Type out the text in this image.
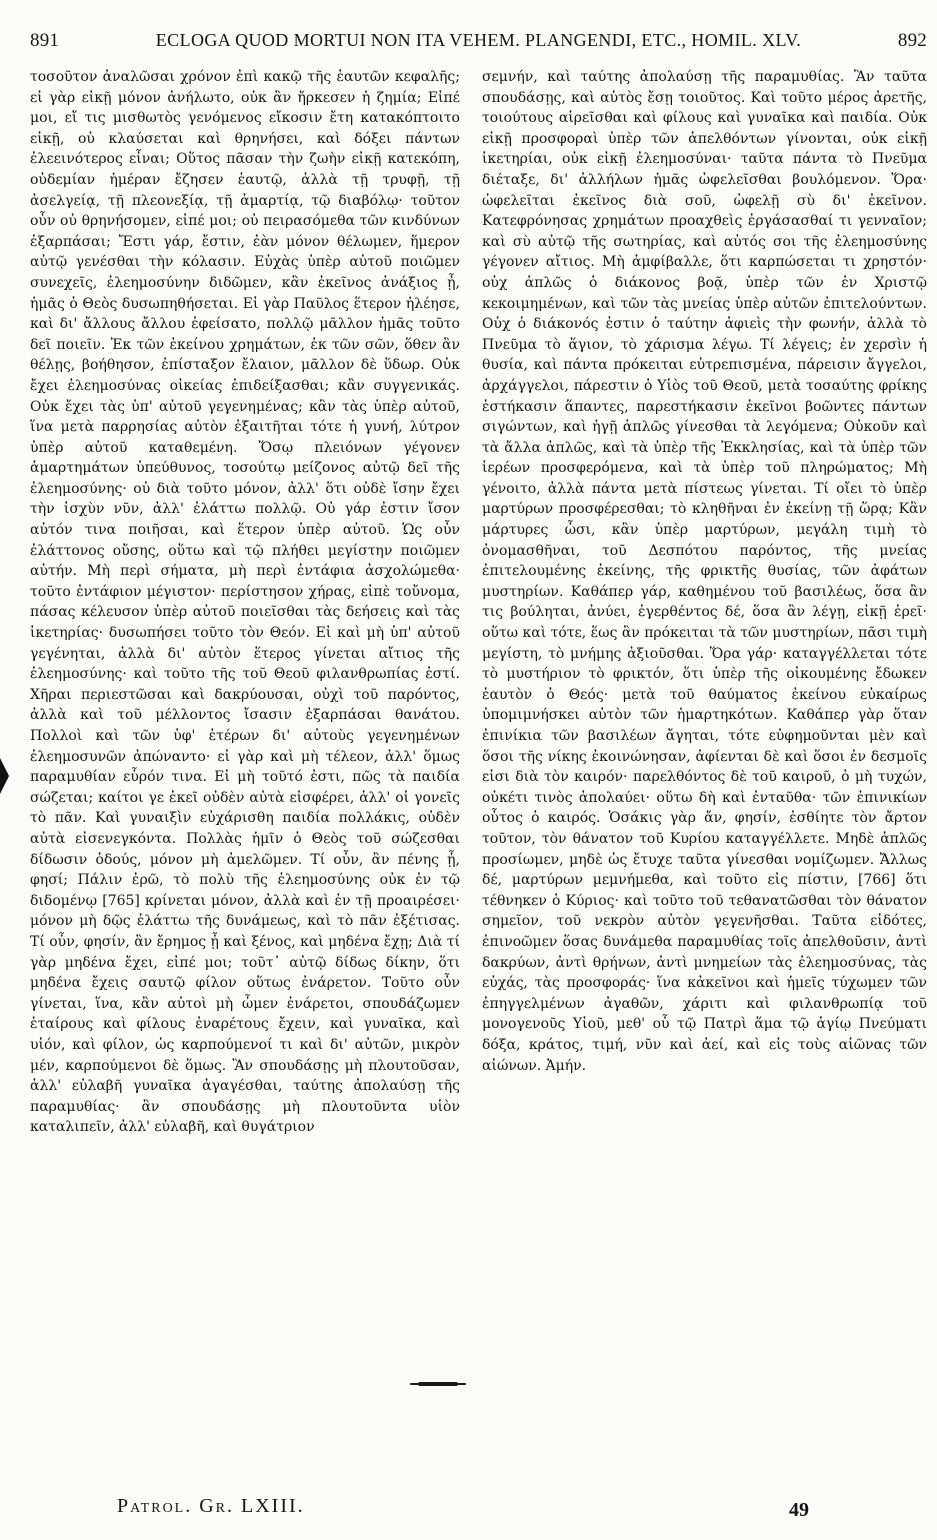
891	ECLOGA QUOD MORTUI NON ITA VEHEM. PLANGENDI, ETC., HOMIL. XLV.	892

τοσοῦτον ἀναλῶσαι χρόνον ἐπὶ κακῷ τῆς ἑαυτῶν κεφαλῆς; εἰ γὰρ εἰκῇ μόνον ἀνήλωτο, οὐκ ἂν ἤρκεσεν ἡ ζημία; Εἰπέ μοι, εἴ τις μισθωτὸς γενόμενος εἴκοσιν ἔτη κατακόπτοιτο εἰκῇ, οὐ κλαύσεται καὶ θρηνήσει, καὶ δόξει πάντων ἐλεεινότερος εἶναι; Οὕτος πᾶσαν τὴν ζωὴν εἰκῇ κατεκόπη, οὐδεμίαν ἡμέραν ἔζησεν ἑαυτῷ, ἀλλὰ τῇ τρυφῇ, τῇ ἀσελγείᾳ, τῇ πλεονεξίᾳ, τῇ ἁμαρτίᾳ, τῷ διαβόλῳ· τοῦτον οὖν οὐ θρηνήσομεν, εἰπέ μοι; οὐ πειρασόμεθα τῶν κινδύνων ἐξαρπάσαι; Ἔστι γάρ, ἔστιν, ἐὰν μόνον θέλωμεν, ἥμερον αὐτῷ γενέσθαι τὴν κόλασιν. Εὐχὰς ὑπὲρ αὐτοῦ ποιῶμεν συνεχεῖς, ἐλεημοσύνην διδῶμεν, κἂν ἐκεῖνος ἀνάξιος ᾖ, ἡμᾶς ὁ Θεὸς δυσωπηθήσεται. Εἰ γὰρ Παῦλος ἕτερον ἠλέησε, καὶ δι' ἄλλους ἄλλου ἐφείσατο, πολλῷ μᾶλλον ἡμᾶς τοῦτο δεῖ ποιεῖν. Ἐκ τῶν ἐκείνου χρημάτων, ἐκ τῶν σῶν, ὅθεν ἂν θέλῃς, βοήθησον, ἐπίσταξον ἔλαιον, μᾶλλον δὲ ὕδωρ. Οὐκ ἔχει ἐλεημοσύνας οἰκείας ἐπιδείξασθαι; κἂν συγγενικάς. Οὐκ ἔχει τὰς ὑπ' αὐτοῦ γεγενημένας; κἂν τὰς ὑπὲρ αὐτοῦ, ἵνα μετὰ παρρησίας αὐτὸν ἐξαιτῆται τότε ἡ γυνή, λύτρον ὑπὲρ αὐτοῦ καταθεμένη. Ὅσῳ πλειόνων γέγονεν ἁμαρτημάτων ὑπεύθυνος, τοσούτῳ μείζονος αὐτῷ δεῖ τῆς ἐλεημοσύνης· οὐ διὰ τοῦτο μόνον, ἀλλ' ὅτι οὐδὲ ἴσην ἔχει τὴν ἰσχὺν νῦν, ἀλλ' ἐλάττω πολλῷ. Οὐ γάρ ἐστιν ἴσον αὐτόν τινα ποιῆσαι, καὶ ἕτερον ὑπὲρ αὐτοῦ. Ὡς οὖν ἐλάττονος οὔσης, οὕτω καὶ τῷ πλήθει μεγίστην ποιῶμεν αὐτήν. Μὴ περὶ σήματα, μὴ περὶ ἐντάφια ἀσχολώμεθα· τοῦτο ἐντάφιον μέγιστον· περίστησον χήρας, εἰπὲ τοὔνομα, πάσας κέλευσον ὑπὲρ αὐτοῦ ποιεῖσθαι τὰς δεήσεις καὶ τὰς ἱκετηρίας· δυσωπήσει τοῦτο τὸν Θεόν. Εἰ καὶ μὴ ὑπ' αὐτοῦ γεγένηται, ἀλλὰ δι' αὐτὸν ἕτερος γίνεται αἴτιος τῆς ἐλεημοσύνης· καὶ τοῦτο τῆς τοῦ Θεοῦ φιλανθρωπίας ἐστί. Χῆραι περιεστῶσαι καὶ δακρύουσαι, οὐχὶ τοῦ παρόντος, ἀλλὰ καὶ τοῦ μέλλοντος ἴσασιν ἐξαρπάσαι θανάτου. Πολλοὶ καὶ τῶν ὑφ' ἑτέρων δι' αὐτοὺς γεγενημένων ἐλεημοσυνῶν ἀπώναντο· εἰ γὰρ καὶ μὴ τέλεον, ἀλλ' ὅμως παραμυθίαν εὗρόν τινα. Εἰ μὴ τοῦτό ἐστι, πῶς τὰ παιδία σώζεται; καίτοι γε ἐκεῖ οὐδὲν αὐτὰ εἰσφέρει, ἀλλ' οἱ γονεῖς τὸ πᾶν. Καὶ γυναιξὶν εὐχάρισθη παιδία πολλάκις, οὐδὲν αὐτὰ εἰσενεγκόντα. Πολλὰς ἡμῖν ὁ Θεὸς τοῦ σώζεσθαι δίδωσιν ὁδούς, μόνον μὴ ἀμελῶμεν. Τί οὖν, ἂν πένης ᾖ, φησί; Πάλιν ἐρῶ, τὸ πολὺ τῆς ἐλεημοσύνης οὐκ ἐν τῷ διδομένῳ [765] κρίνεται μόνον, ἀλλὰ καὶ ἐν τῇ προαιρέσει· μόνον μὴ δῷς ἐλάττω τῆς δυνάμεως, καὶ τὸ πᾶν ἐξέτισας. Τί οὖν, φησίν, ἂν ἔρημος ᾖ καὶ ξένος, καὶ μηδένα ἔχῃ; Διὰ τί γὰρ μηδένα ἔχει, εἰπέ μοι; τοῦτ᾽ αὐτῷ δίδως δίκην, ὅτι μηδένα ἔχεις σαυτῷ φίλον οὕτως ἐνάρετον. Τοῦτο οὖν γίνεται, ἵνα, κἂν αὐτοὶ μὴ ὦμεν ἐνάρετοι, σπουδάζωμεν ἑταίρους καὶ φίλους ἐναρέτους ἔχειν, καὶ γυναῖκα, καὶ υἱόν, καὶ φίλον, ὡς καρπούμενοί τι καὶ δι' αὐτῶν, μικρὸν μέν, καρπούμενοι δὲ ὅμως. Ἂν σπουδάσῃς μὴ πλουτοῦσαν, ἀλλ' εὐλαβῆ γυναῖκα ἀγαγέσθαι, ταύτης ἀπολαύσῃ τῆς παραμυθίας· ἂν σπουδάσῃς μὴ πλουτοῦντα υἱὸν καταλιπεῖν, ἀλλ' εὐλαβῆ, καὶ θυγάτριον

σεμνήν, καὶ ταύτης ἀπολαύσῃ τῆς παραμυθίας. Ἂν ταῦτα σπουδάσῃς, καὶ αὐτὸς ἔσῃ τοιοῦτος. Καὶ τοῦτο μέρος ἀρετῆς, τοιούτους αἱρεῖσθαι καὶ φίλους καὶ γυναῖκα καὶ παιδία. Οὐκ εἰκῇ προσφοραὶ ὑπὲρ τῶν ἀπελθόντων γίνονται, οὐκ εἰκῇ ἱκετηρίαι, οὐκ εἰκῇ ἐλεημοσύναι· ταῦτα πάντα τὸ Πνεῦμα διέταξε, δι' ἀλλήλων ἡμᾶς ὠφελεῖσθαι βουλόμενον. Ὅρα· ὠφελεῖται ἐκεῖνος διὰ σοῦ, ὠφελῇ σὺ δι' ἐκεῖνον. Κατεφρόνησας χρημάτων προαχθεὶς ἐργάσασθαί τι γενναῖον; καὶ σὺ αὐτῷ τῆς σωτηρίας, καὶ αὐτός σοι τῆς ἐλεημοσύνης γέγονεν αἴτιος. Μὴ ἀμφίβαλλε, ὅτι καρπώσεται τι χρηστόν· οὐχ ἁπλῶς ὁ διάκονος βοᾷ, ὑπὲρ τῶν ἐν Χριστῷ κεκοιμημένων, καὶ τῶν τὰς μνείας ὑπὲρ αὐτῶν ἐπιτελούντων. Οὐχ ὁ διάκονός ἐστιν ὁ ταύτην ἀφιεὶς τὴν φωνήν, ἀλλὰ τὸ Πνεῦμα τὸ ἅγιον, τὸ χάρισμα λέγω. Τί λέγεις; ἐν χερσὶν ἡ θυσία, καὶ πάντα πρόκειται εὐτρεπισμένα, πάρεισιν ἄγγελοι, ἀρχάγγελοι, πάρεστιν ὁ Υἱὸς τοῦ Θεοῦ, μετὰ τοσαύτης φρίκης ἑστήκασιν ἅπαντες, παρεστήκασιν ἐκεῖνοι βοῶντες πάντων σιγώντων, καὶ ἡγῇ ἁπλῶς γίνεσθαι τὰ λεγόμενα; Οὐκοῦν καὶ τὰ ἄλλα ἁπλῶς, καὶ τὰ ὑπὲρ τῆς Ἐκκλησίας, καὶ τὰ ὑπὲρ τῶν ἱερέων προσφερόμενα, καὶ τὰ ὑπὲρ τοῦ πληρώματος; Μὴ γένοιτο, ἀλλὰ πάντα μετὰ πίστεως γίνεται. Τί οἴει τὸ ὑπὲρ μαρτύρων προσφέρεσθαι; τὸ κληθῆναι ἐν ἐκείνῃ τῇ ὥρᾳ; Κἂν μάρτυρες ὦσι, κἂν ὑπὲρ μαρτύρων, μεγάλη τιμὴ τὸ ὀνομασθῆναι, τοῦ Δεσπότου παρόντος, τῆς μνείας ἐπιτελουμένης ἐκείνης, τῆς φρικτῆς θυσίας, τῶν ἀφάτων μυστηρίων. Καθάπερ γάρ, καθημένου τοῦ βασιλέως, ὅσα ἂν τις βούληται, ἀνύει, ἐγερθέντος δέ, ὅσα ἂν λέγῃ, εἰκῇ ἐρεῖ· οὕτω καὶ τότε, ἕως ἂν πρόκειται τὰ τῶν μυστηρίων, πᾶσι τιμὴ μεγίστη, τὸ μνήμης ἀξιοῦσθαι. Ὅρα γάρ· καταγγέλλεται τότε τὸ μυστήριον τὸ φρικτόν, ὅτι ὑπὲρ τῆς οἰκουμένης ἔδωκεν ἑαυτὸν ὁ Θεός· μετὰ τοῦ θαύματος ἐκείνου εὐκαίρως ὑπομιμνήσκει αὐτὸν τῶν ἡμαρτηκότων. Καθάπερ γὰρ ὅταν ἐπινίκια τῶν βασιλέων ἄγηται, τότε εὐφημοῦνται μὲν καὶ ὅσοι τῆς νίκης ἐκοινώνησαν, ἀφίενται δὲ καὶ ὅσοι ἐν δεσμοῖς εἰσι διὰ τὸν καιρόν· παρελθόντος δὲ τοῦ καιροῦ, ὁ μὴ τυχών, οὐκέτι τινὸς ἀπολαύει· οὕτω δὴ καὶ ἐνταῦθα· τῶν ἐπινικίων οὗτος ὁ καιρός. Ὁσάκις γὰρ ἄν, φησίν, ἐσθίητε τὸν ἄρτον τοῦτον, τὸν θάνατον τοῦ Κυρίου καταγγέλλετε. Μηδὲ ἁπλῶς προσίωμεν, μηδὲ ὡς ἔτυχε ταῦτα γίνεσθαι νομίζωμεν. Ἄλλως δέ, μαρτύρων μεμνήμεθα, καὶ τοῦτο εἰς πίστιν, [766] ὅτι τέθνηκεν ὁ Κύριος· καὶ τοῦτο τοῦ τεθανατῶσθαι τὸν θάνατον σημεῖον, τοῦ νεκρὸν αὐτὸν γεγενῆσθαι. Ταῦτα εἰδότες, ἐπινοῶμεν ὅσας δυνάμεθα παραμυθίας τοῖς ἀπελθοῦσιν, ἀντὶ δακρύων, ἀντὶ θρήνων, ἀντὶ μνημείων τὰς ἐλεημοσύνας, τὰς εὐχάς, τὰς προσφοράς· ἵνα κἀκεῖνοι καὶ ἡμεῖς τύχωμεν τῶν ἐπηγγελμένων ἀγαθῶν, χάριτι καὶ φιλανθρωπίᾳ τοῦ μονογενοῦς Υἱοῦ, μεθ' οὗ τῷ Πατρὶ ἅμα τῷ ἁγίῳ Πνεύματι δόξα, κράτος, τιμή, νῦν καὶ ἀεί, καὶ εἰς τοὺς αἰῶνας τῶν αἰώνων. Ἀμήν.

Patrol. Gr. LXIII.	49
